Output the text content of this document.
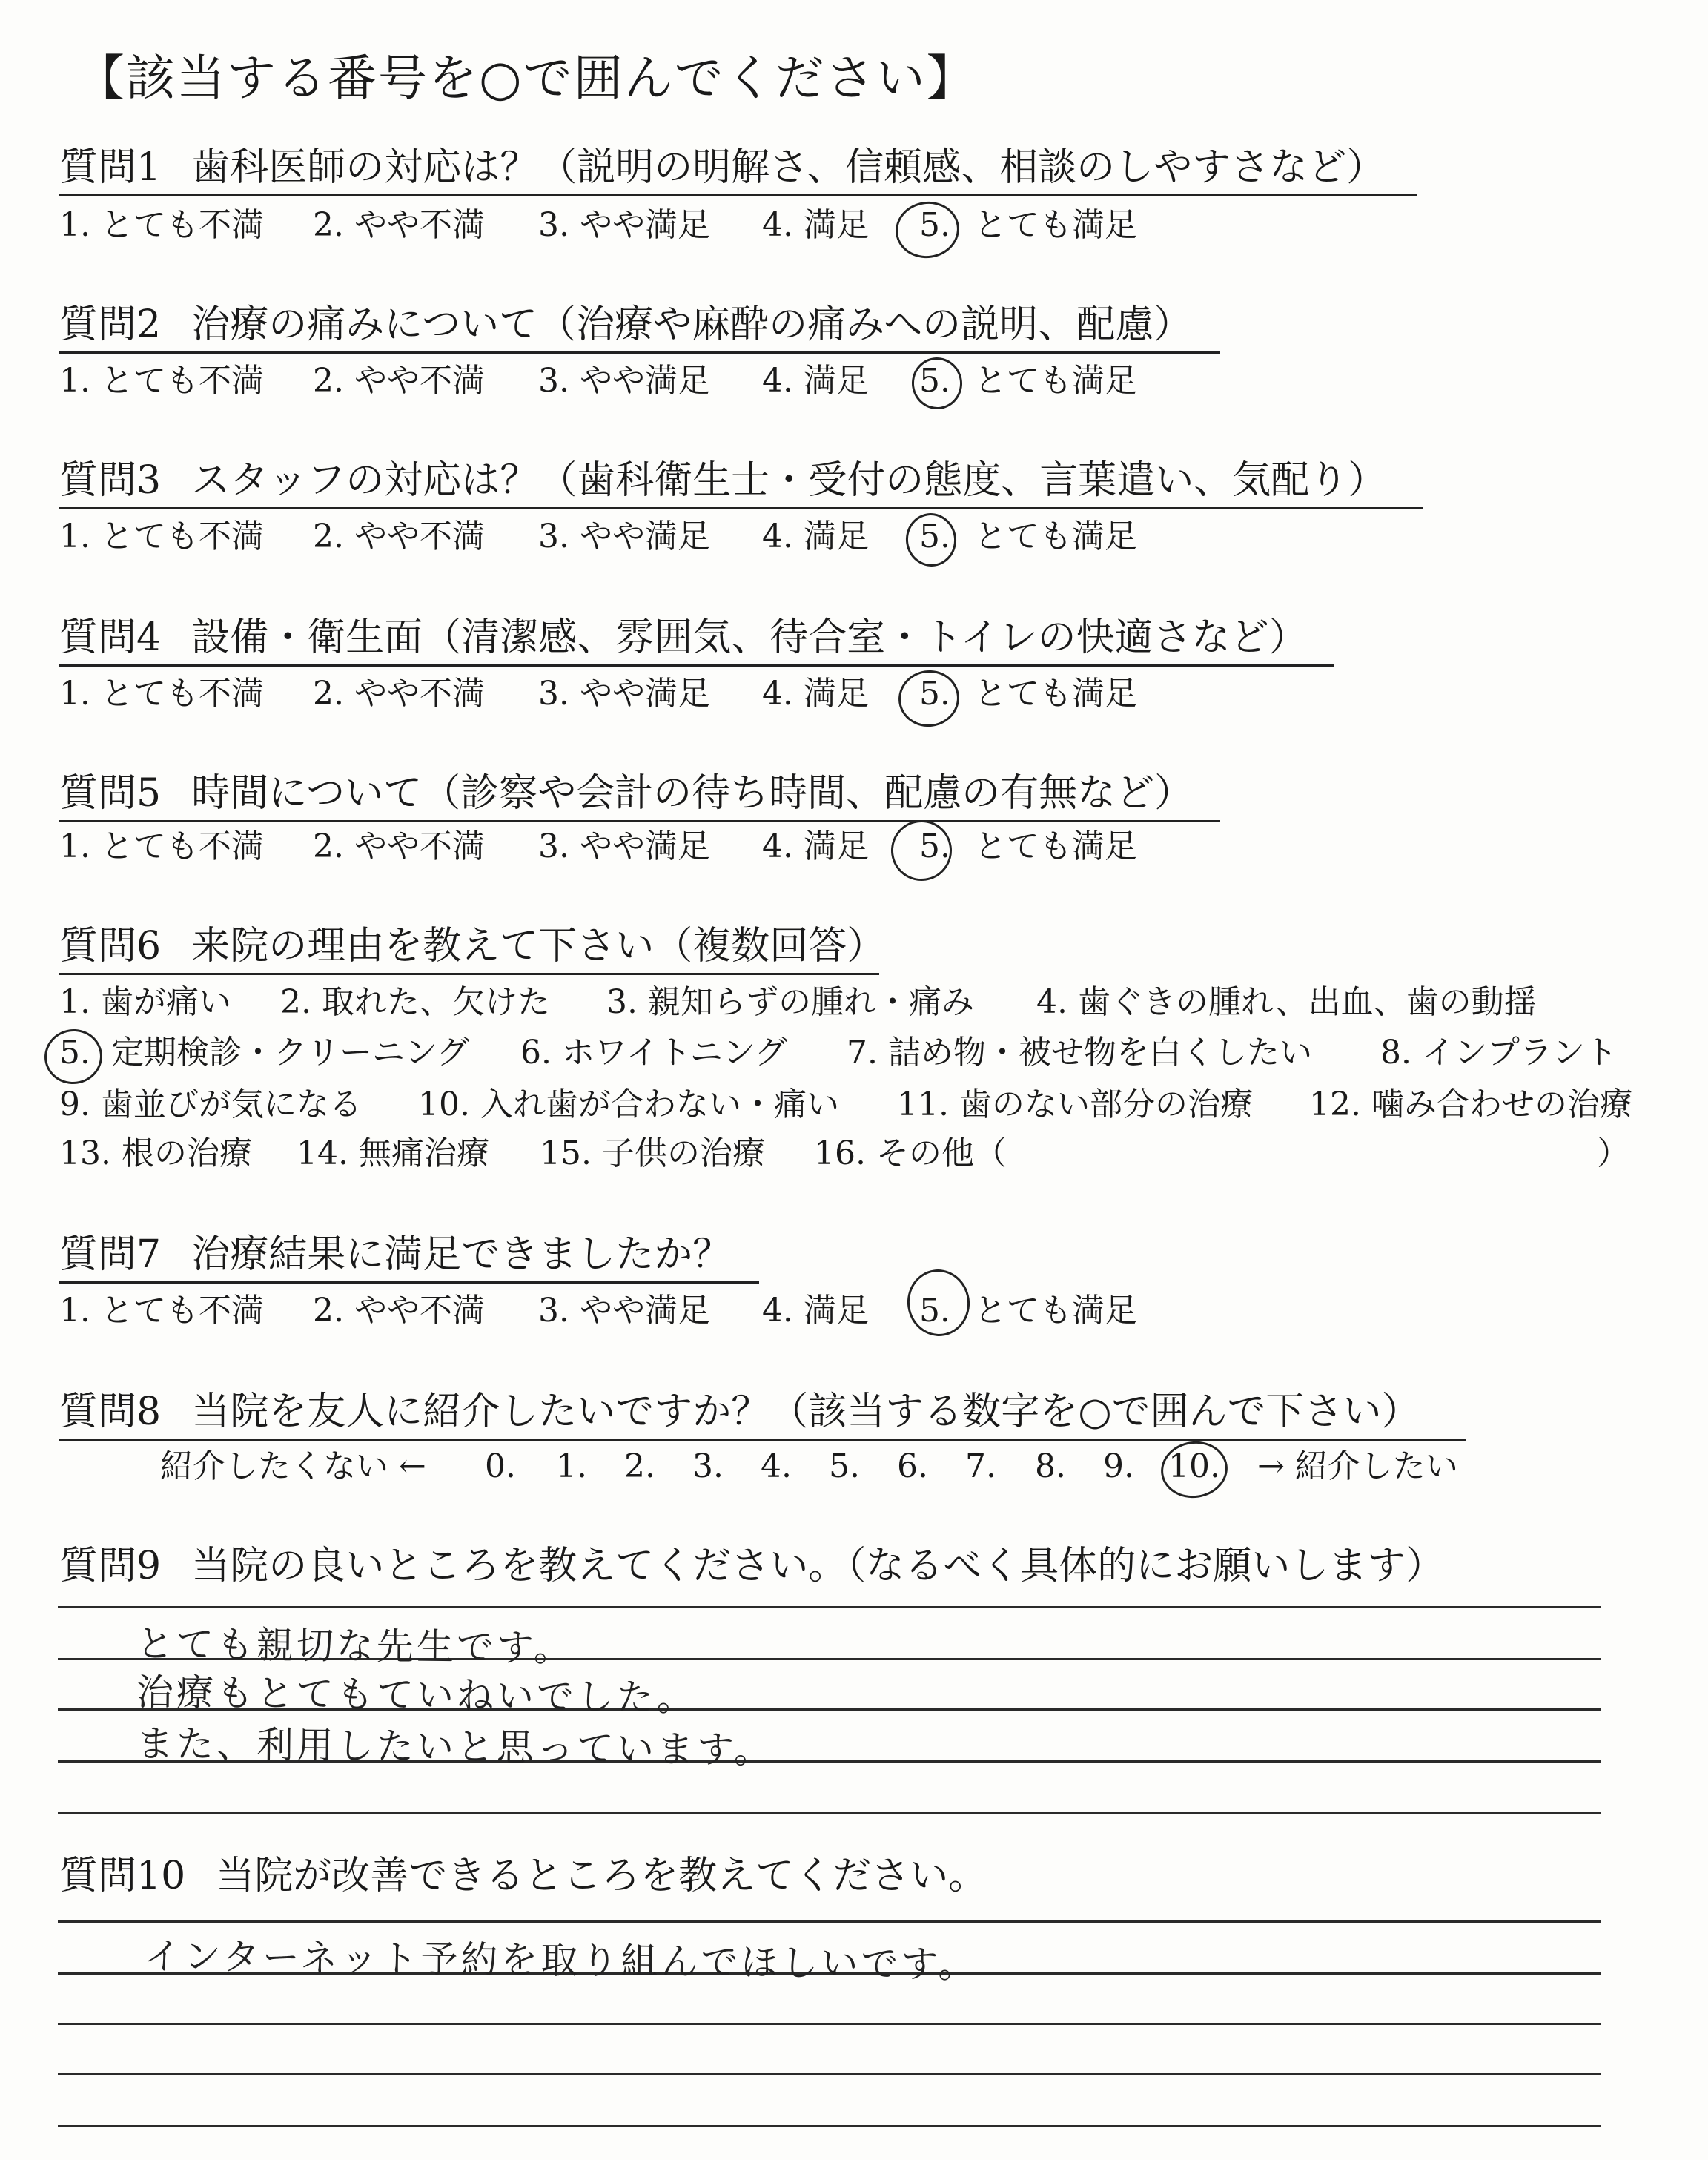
【該当する番号を○で囲んでください】
質問1 歯科医師の対応は？（説明の明解さ、信頼感、相談のしやすさなど）
1. とても不満 2. やや不満 3. やや満足 4. 満足 5. とても満足
質問2 治療の痛みについて（治療や麻酔の痛みへの説明、配慮）
1. とても不満 2. やや不満 3. やや満足 4. 満足 5. とても満足
質問3 スタッフの対応は？（歯科衛生士・受付の態度、言葉遣い、気配り）
1. とても不満 2. やや不満 3. やや満足 4. 満足 5. とても満足
質問4 設備・衛生面（清潔感、雰囲気、待合室・トイレの快適さなど）
1. とても不満 2. やや不満 3. やや満足 4. 満足 5. とても満足
質問5 時間について（診察や会計の待ち時間、配慮の有無など）
1. とても不満 2. やや不満 3. やや満足 4. 満足 5. とても満足
質問6 来院の理由を教えて下さい（複数回答）
1. 歯が痛い 2. 取れた、欠けた 3. 親知らずの腫れ・痛み 4. 歯ぐきの腫れ、出血、歯の動揺
5. 定期検診・クリーニング 6. ホワイトニング 7. 詰め物・被せ物を白くしたい 8. インプラント
9. 歯並びが気になる 10. 入れ歯が合わない・痛い 11. 歯のない部分の治療 12. 噛み合わせの治療
13. 根の治療 14. 無痛治療 15. 子供の治療 16. その他（	）
質問7 治療結果に満足できましたか？
1. とても不満 2. やや不満 3. やや満足 4. 満足 5. とても満足
質問8 当院を友人に紹介したいですか？（該当する数字を○で囲んで下さい）
紹介したくない ← 0. 1. 2. 3. 4. 5. 6. 7. 8. 9. 10. → 紹介したい
質問9 当院の良いところを教えてください。（なるべく具体的にお願いします）
とても親切な先生です。
治療もとてもていねいでした。
また、利用したいと思っています。
質問10 当院が改善できるところを教えてください。
インターネット予約を取り組んでほしいです。
